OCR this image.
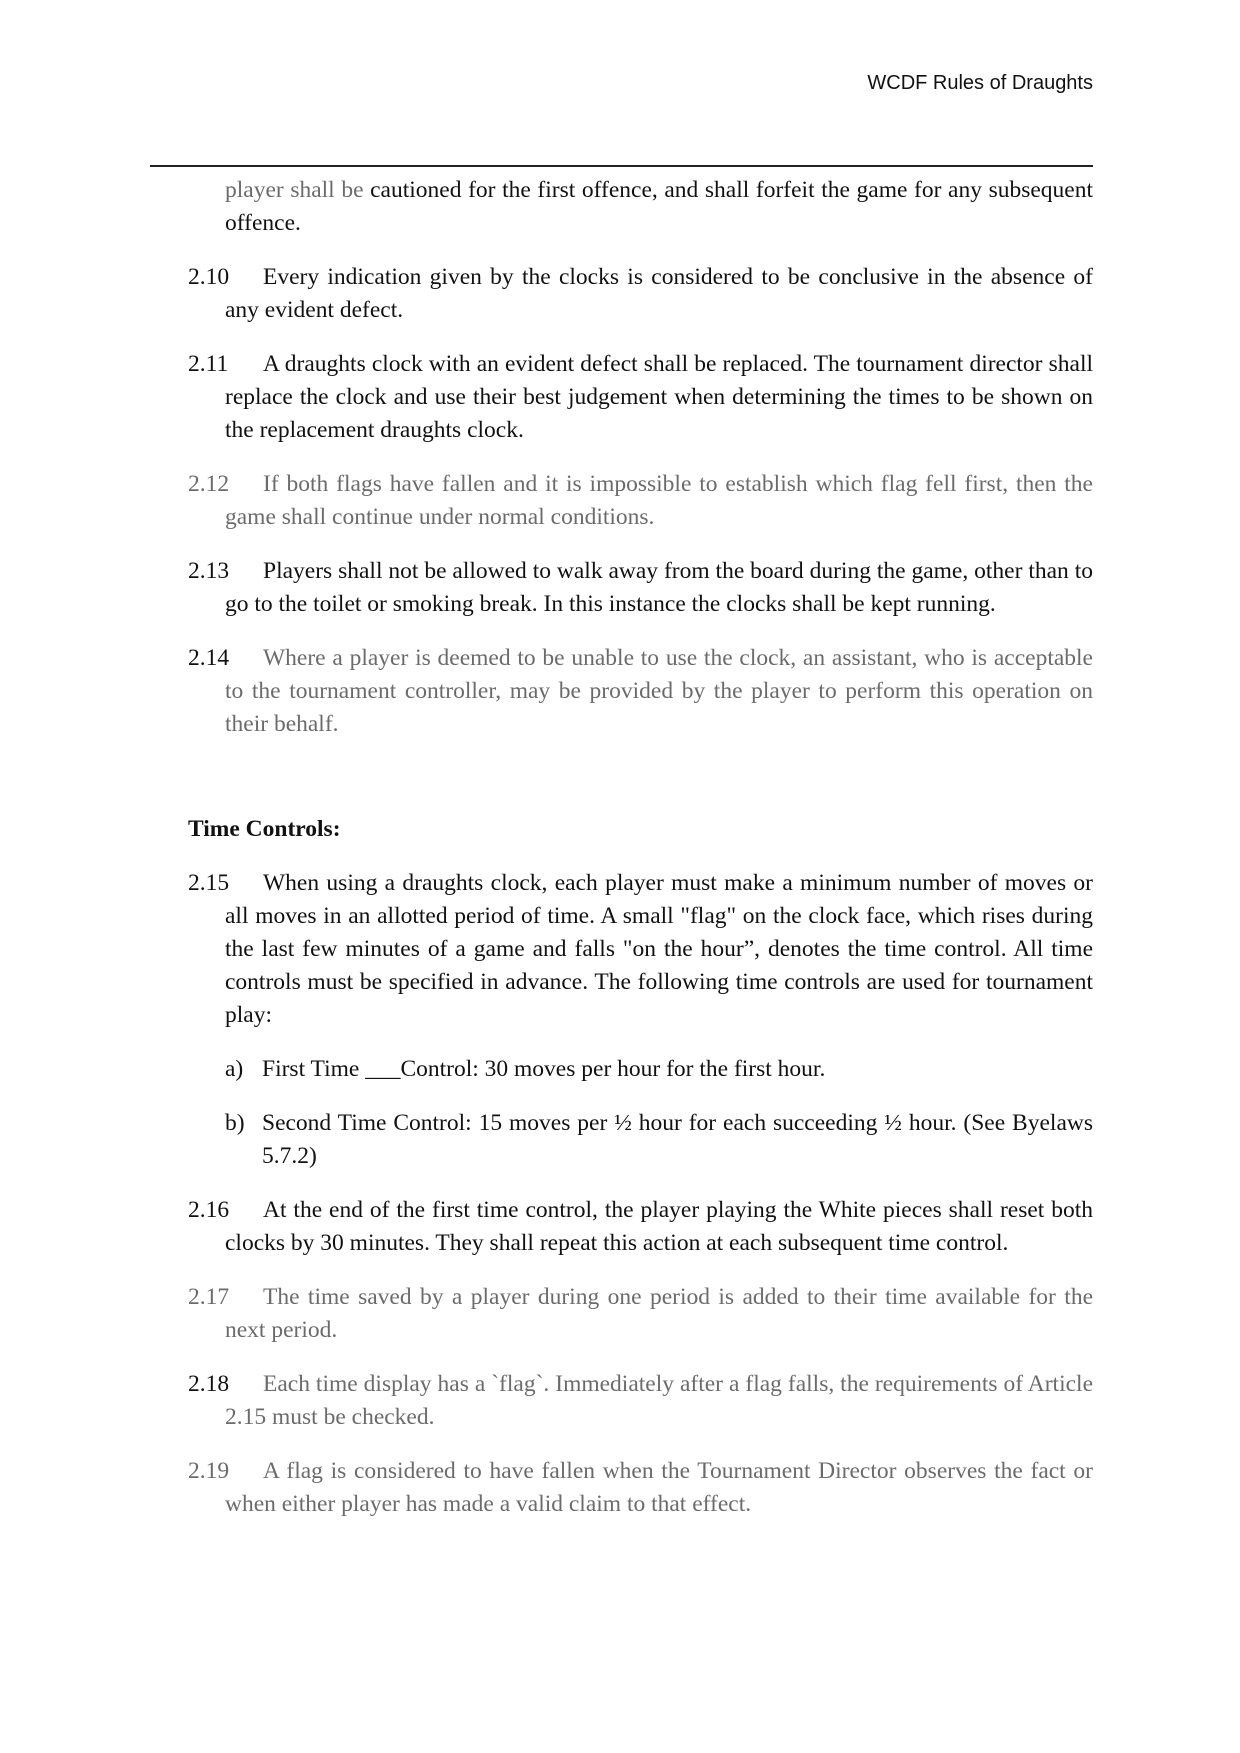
WCDF Rules of Draughts

player shall be cautioned for the first offence, and shall forfeit the game for any subsequent offence.

2.10 Every indication given by the clocks is considered to be conclusive in the absence of any evident defect.
2.11 A draughts clock with an evident defect shall be replaced. The tournament director shall replace the clock and use their best judgement when determining the times to be shown on the replacement draughts clock.
2.12 If both flags have fallen and it is impossible to establish which flag fell first, then the game shall continue under normal conditions.
2.13 Players shall not be allowed to walk away from the board during the game, other than to go to the toilet or smoking break. In this instance the clocks shall be kept running.
2.14 Where a player is deemed to be unable to use the clock, an assistant, who is acceptable to the tournament controller, may be provided by the player to perform this operation on their behalf.

Time Controls:

2.15 When using a draughts clock, each player must make a minimum number of moves or all moves in an allotted period of time. A small "flag" on the clock face, which rises during the last few minutes of a game and falls "on the hour”, denotes the time control. All time controls must be specified in advance. The following time controls are used for tournament play:
a) First Time ___Control: 30 moves per hour for the first hour.
b) Second Time Control: 15 moves per ½ hour for each succeeding ½ hour. (See Byelaws 5.7.2)
2.16 At the end of the first time control, the player playing the White pieces shall reset both clocks by 30 minutes. They shall repeat this action at each subsequent time control.
2.17 The time saved by a player during one period is added to their time available for the next period.
2.18 Each time display has a `flag`. Immediately after a flag falls, the requirements of Article 2.15 must be checked.
2.19 A flag is considered to have fallen when the Tournament Director observes the fact or when either player has made a valid claim to that effect.
